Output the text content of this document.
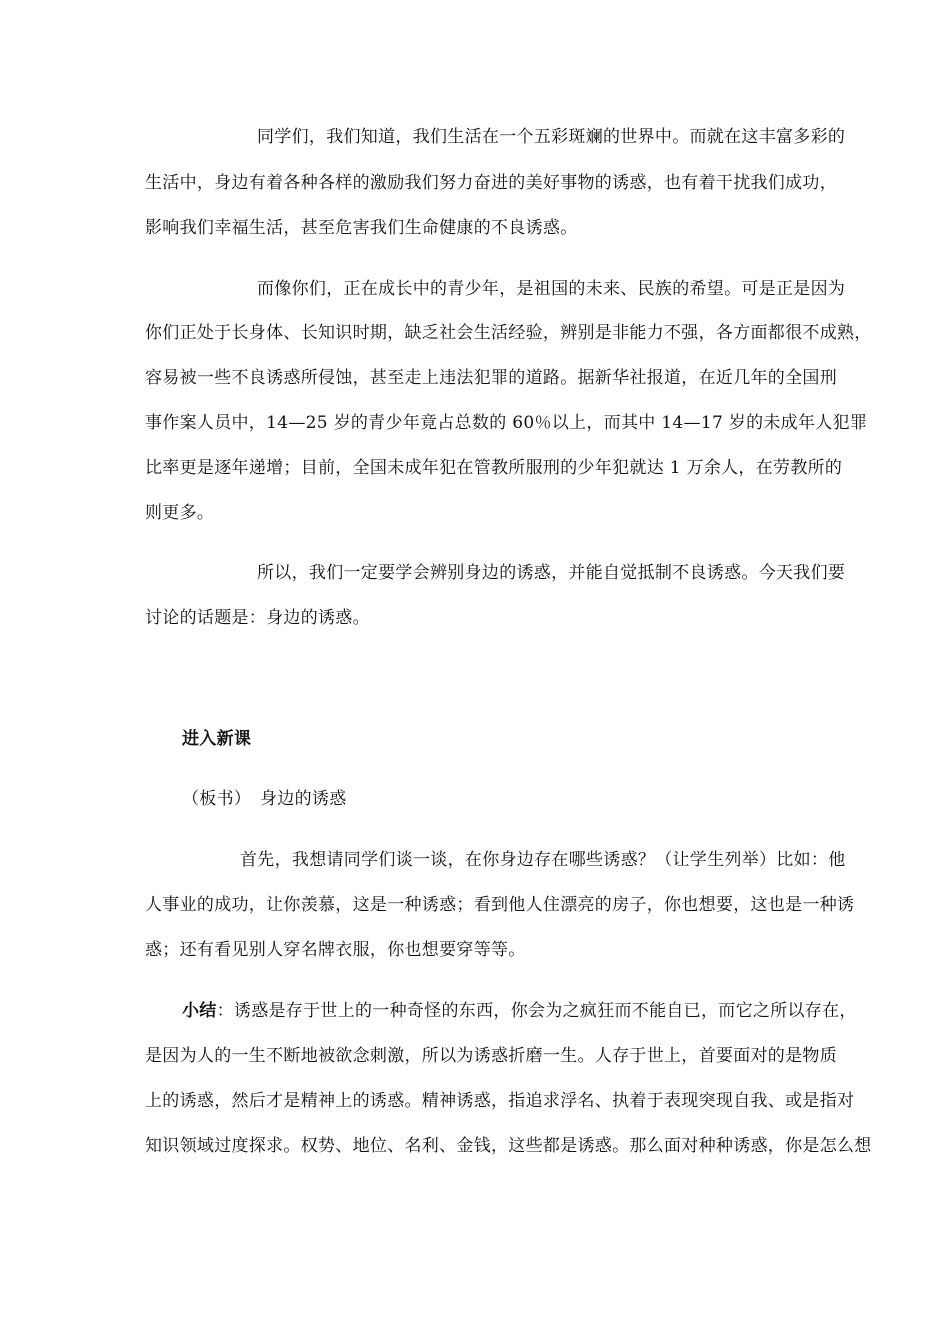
同学们，我们知道，我们生活在一个五彩斑斓的世界中。而就在这丰富多彩的
生活中，身边有着各种各样的激励我们努力奋进的美好事物的诱惑，也有着干扰我们成功，
影响我们幸福生活，甚至危害我们生命健康的不良诱惑。
而像你们，正在成长中的青少年，是祖国的未来、民族的希望。可是正是因为
你们正处于长身体、长知识时期，缺乏社会生活经验，辨别是非能力不强，各方面都很不成熟，
容易被一些不良诱惑所侵蚀，甚至走上违法犯罪的道路。据新华社报道，在近几年的全国刑
事作案人员中，14—25 岁的青少年竟占总数的 60％以上，而其中 14—17 岁的未成年人犯罪
比率更是逐年递增；目前，全国未成年犯在管教所服刑的少年犯就达 1 万余人，在劳教所的
则更多。
所以，我们一定要学会辨别身边的诱惑，并能自觉抵制不良诱惑。今天我们要
讨论的话题是：身边的诱惑。
进入新课
（板书）　身边的诱惑
首先，我想请同学们谈一谈，在你身边存在哪些诱惑？（让学生列举）比如：他
人事业的成功，让你羡慕，这是一种诱惑；看到他人住漂亮的房子，你也想要，这也是一种诱
惑；还有看见别人穿名牌衣服，你也想要穿等等。
小结：诱惑是存于世上的一种奇怪的东西，你会为之疯狂而不能自已，而它之所以存在，
是因为人的一生不断地被欲念刺激，所以为诱惑折磨一生。人存于世上，首要面对的是物质
上的诱惑，然后才是精神上的诱惑。精神诱惑，指追求浮名、执着于表现突现自我、或是指对
知识领域过度探求。权势、地位、名利、金钱，这些都是诱惑。那么面对种种诱惑，你是怎么想
